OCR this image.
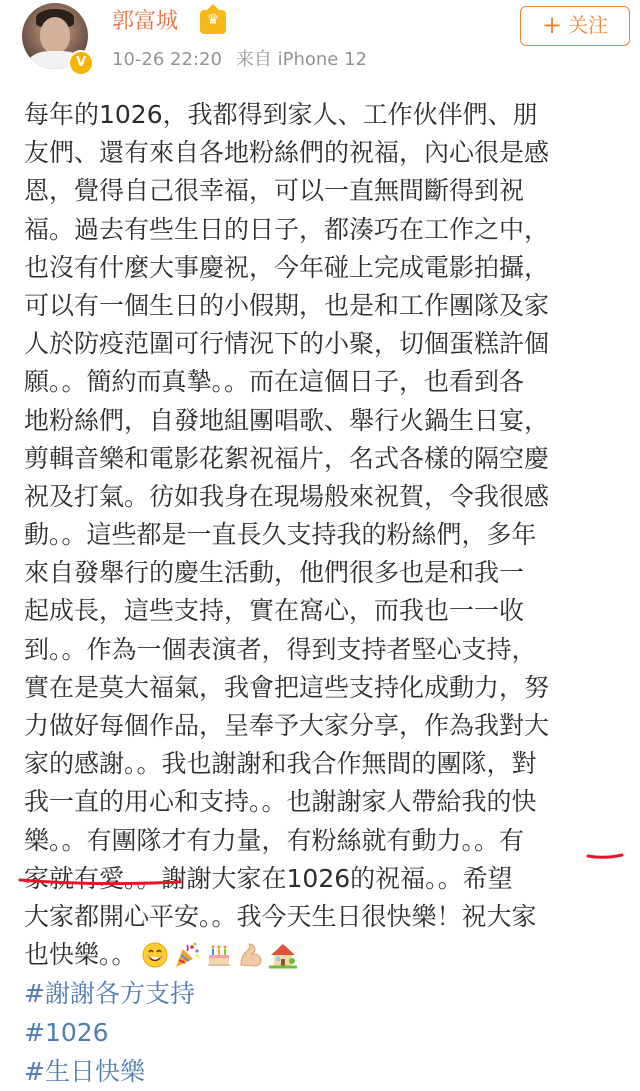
V
郭富城	♛
10-26 22:20 来自 iPhone 12
+ 关注
每年的1026，我都得到家人、工作伙伴們、朋
友們、還有來自各地粉絲們的祝福，內心很是感
恩，覺得自己很幸福，可以一直無間斷得到祝
福。過去有些生日的日子，都湊巧在工作之中，
也沒有什麼大事慶祝，今年碰上完成電影拍攝，
可以有一個生日的小假期，也是和工作團隊及家
人於防疫范圍可行情況下的小聚，切個蛋糕許個
願。。簡約而真摯。。而在這個日子，也看到各
地粉絲們，自發地組團唱歌、舉行火鍋生日宴，
剪輯音樂和電影花絮祝福片，名式各樣的隔空慶
祝及打氣。彷如我身在現場般來祝賀，令我很感
動。。這些都是一直長久支持我的粉絲們，多年
來自發舉行的慶生活動，他們很多也是和我一
起成長，這些支持，實在窩心，而我也一一收
到。。作為一個表演者，得到支持者堅心支持，
實在是莫大福氣，我會把這些支持化成動力，努
力做好每個作品，呈奉予大家分享，作為我對大
家的感謝。。我也謝謝和我合作無間的團隊，對
我一直的用心和支持。。也謝謝家人帶給我的快
樂。。有團隊才有力量，有粉絲就有動力。。有
家就有愛。。謝謝大家在1026的祝福。。希望
大家都開心平安。。我今天生日很快樂！祝大家
也快樂。。
#謝謝各方支持
#1026
#生日快樂
